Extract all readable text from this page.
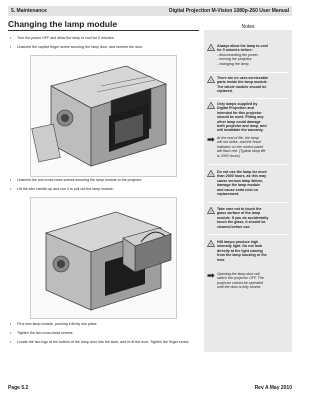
5. Maintenance	Digital Projection M-Vision 1080p-260 User Manual
Changing the lamp module
• Turn the power OFF and allow the lamp to cool for 5 minutes.
• Unscrew the captive finger screw securing the lamp door, and remove the door.
• Unscrew the two cross-head screws securing the lamp module to the projector
• Lift the wire handle up and use it to pull out the lamp module.
• Fit a new lamp module, pushing it firmly into place.
• Tighten the two cross-head screws.
• Locate the two lugs at the bottom of the lamp door into the slots, and re-fit the door. Tighten the finger screw.
Notes
! Always allow the lamp to cool
for 5 minutes before:
- disconnecting the power
- moving the projector
- changing the lamp
! There are no user-serviceable
parts inside the lamp module.
The whole module should be
replaced.
! Only lamps supplied by
Digital Projection and
intended for this projector
should be used. Fitting any
other lamp could damage
both projector and lamp, and
will invalidate the warranty.
At the end of life, the lamp
will not strike, and the Issue
indicator on the control panel
will flash red. (Typical lamp life
is 2000 hours)
! Do not use the lamp for more
than 2000 hours, as this may
cause serious lamp failure,
damage the lamp module
and cause extra cost on
replacement.
! Take care not to touch the
glass surface of the lamp
module. If you do accidentally
touch the glass, it should be
cleaned before use.
! HID lamps produce high
intensity light. Do not look
directly at the light coming
from the lamp housing or the
lens.
Opening the lamp door will
switch the projector OFF. The
projector cannot be operated
until the door is fully closed.
Page 5.2	Rev A May 2010
